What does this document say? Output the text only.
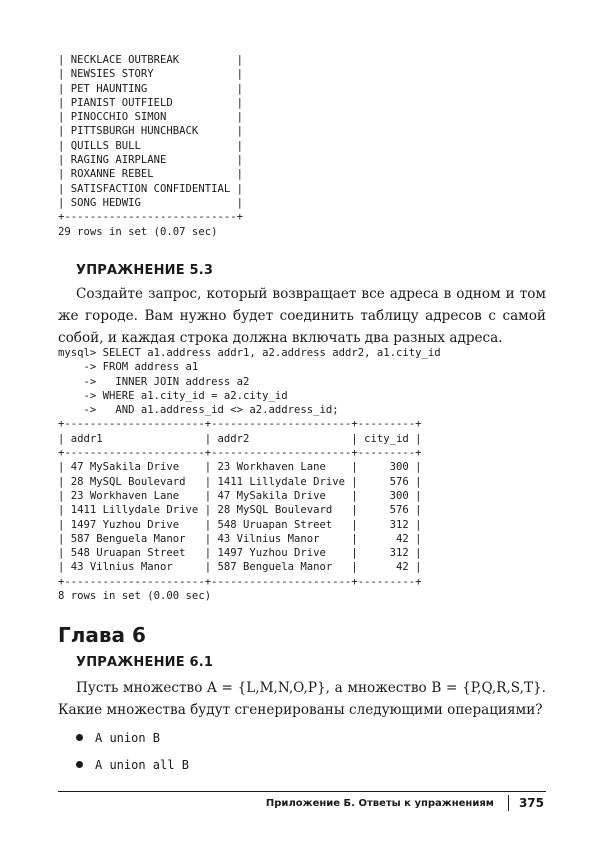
| NECKLACE OUTBREAK         |
| NEWSIES STORY             |
| PET HAUNTING              |
| PIANIST OUTFIELD          |
| PINOCCHIO SIMON           |
| PITTSBURGH HUNCHBACK      |
| QUILLS BULL               |
| RAGING AIRPLANE           |
| ROXANNE REBEL             |
| SATISFACTION CONFIDENTIAL |
| SONG HEDWIG               |
+---------------------------+
29 rows in set (0.07 sec)
УПРАЖНЕНИЕ 5.3

Создайте запрос, который возвращает все адреса в одном и том же городе. Вам нужно будет соединить таблицу адресов с самой собой, и каждая строка должна включать два разных адреса.

mysql> SELECT a1.address addr1, a2.address addr2, a1.city_id
-> FROM address a1
->   INNER JOIN address a2
-> WHERE a1.city_id = a2.city_id
->   AND a1.address_id <> a2.address_id;
+----------------------+----------------------+---------+
| addr1                | addr2                | city_id |
+----------------------+----------------------+---------+
| 47 MySakila Drive    | 23 Workhaven Lane    |     300 |
| 28 MySQL Boulevard   | 1411 Lillydale Drive |     576 |
| 23 Workhaven Lane    | 47 MySakila Drive    |     300 |
| 1411 Lillydale Drive | 28 MySQL Boulevard   |     576 |
| 1497 Yuzhou Drive    | 548 Uruapan Street   |     312 |
| 587 Benguela Manor   | 43 Vilnius Manor     |      42 |
| 548 Uruapan Street   | 1497 Yuzhou Drive    |     312 |
| 43 Vilnius Manor     | 587 Benguela Manor   |      42 |
+----------------------+----------------------+---------+
8 rows in set (0.00 sec)
Глава 6
УПРАЖНЕНИЕ 6.1

Пусть множество A = {L,M,N,O,P}, а множество B = {P,Q,R,S,T}. Какие множества будут сгенерированы следующими операциями?

A union B
A union all B
Приложение Б. Ответы к упражнениям 375
